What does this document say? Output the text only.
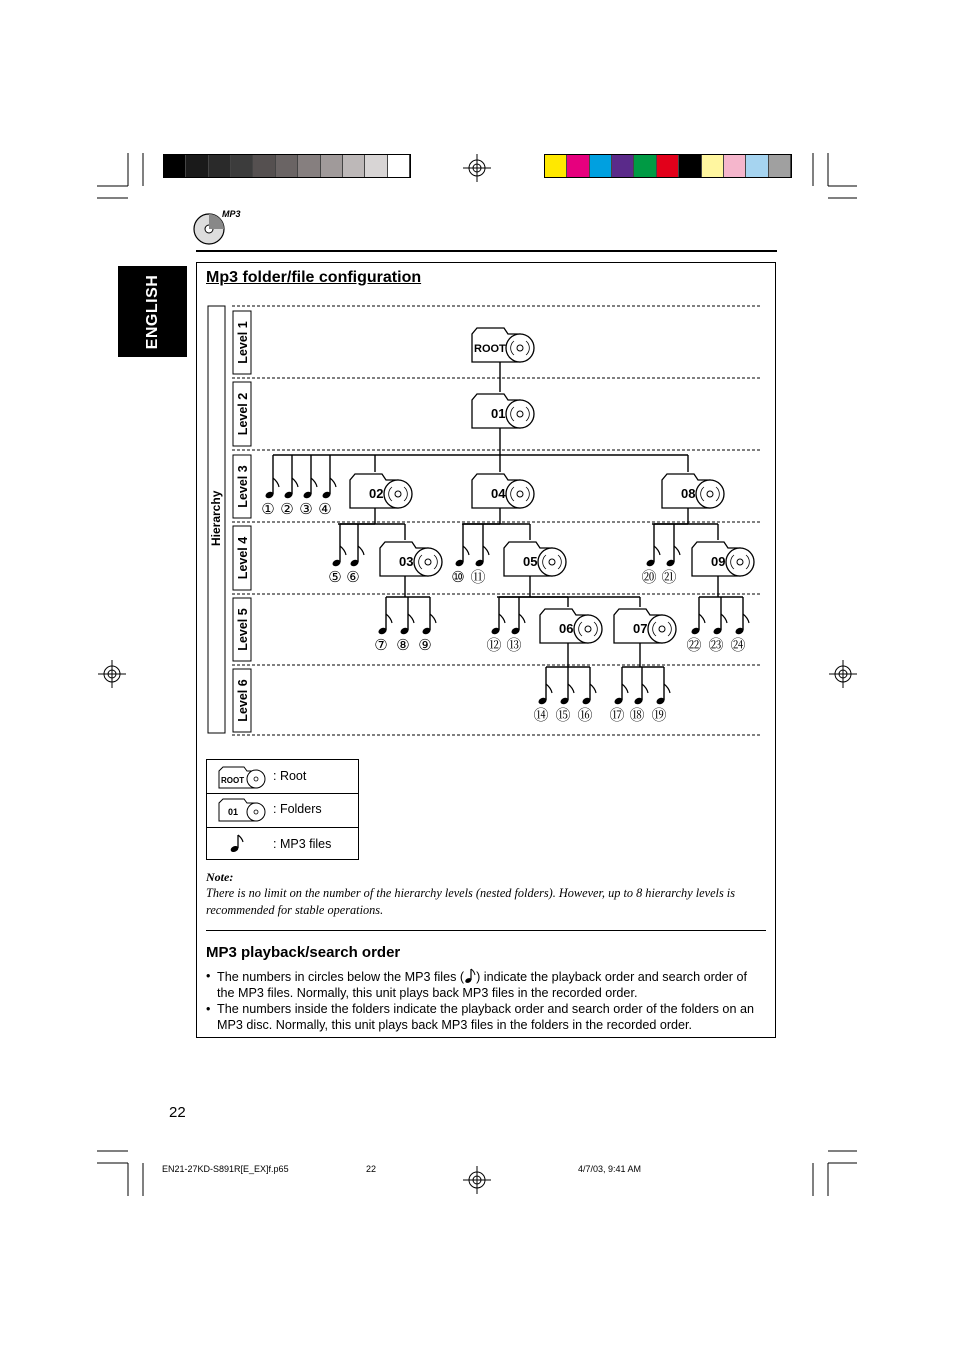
MP3
ENGLISH	Mp3 folder/file configuration
Hierarchy
Level 1
Level 2
Level 3
Level 4
Level 5
Level 6
ROOT
01
02	04	08
03	05	09
06	07
① ② ③ ④
⑤ ⑥
⑦ ⑧ ⑨
⑩ ⑪
⑫ ⑬
⑭ ⑮ ⑯ ⑰ ⑱ ⑲
⑳ ㉑
㉒ ㉓ ㉔
ROOT : Root
01	: Folders
: MP3 files
Note:
There is no limit on the number of the hierarchy levels (nested folders). However, up to 8 hierarchy levels is recommended for stable operations.
MP3 playback/search order
• The numbers in circles below the MP3 files ( ) indicate the playback order and search order of the MP3 files. Normally, this unit plays back MP3 files in the recorded order.
• The numbers inside the folders indicate the playback order and search order of the folders on an MP3 disc. Normally, this unit plays back MP3 files in the folders in the recorded order.
22
EN21-27KD-S891R[E_EX]f.p65	22	4/7/03, 9:41 AM
